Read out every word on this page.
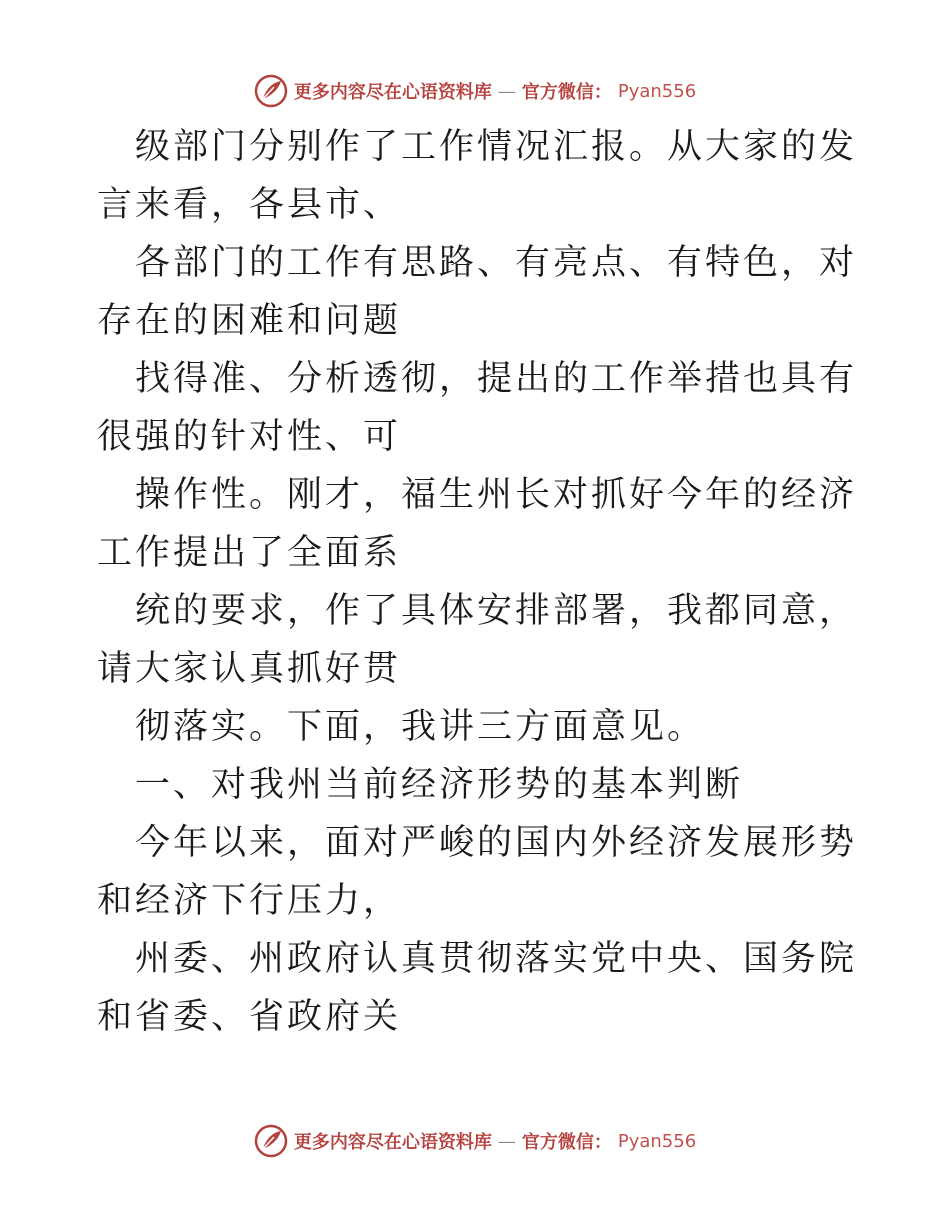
更多内容尽在心语资料库 — 官方微信： Pyan556

级部门分别作了工作情况汇报。从大家的发言来看，各县市、

各部门的工作有思路、有亮点、有特色，对存在的困难和问题

找得准、分析透彻，提出的工作举措也具有很强的针对性、可

操作性。刚才，福生州长对抓好今年的经济工作提出了全面系

统的要求，作了具体安排部署，我都同意，请大家认真抓好贯

彻落实。下面，我讲三方面意见。

一、对我州当前经济形势的基本判断

今年以来，面对严峻的国内外经济发展形势和经济下行压力，

州委、州政府认真贯彻落实党中央、国务院和省委、省政府关

更多内容尽在心语资料库 — 官方微信： Pyan556
